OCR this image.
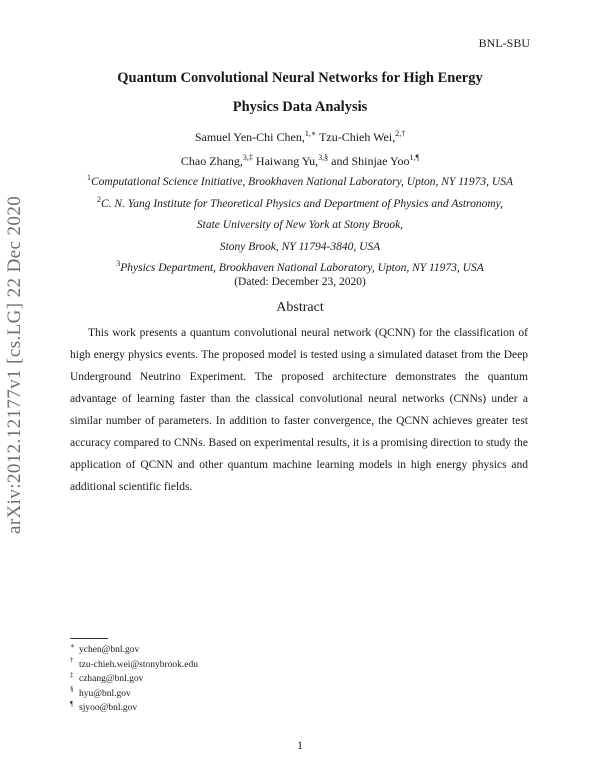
BNL-SBU
arXiv:2012.12177v1 [cs.LG] 22 Dec 2020
Quantum Convolutional Neural Networks for High Energy
Physics Data Analysis
Samuel Yen-Chi Chen,$^{1,∗}$ Tzu-Chieh Wei,$^{2,\dagger}$
Chao Zhang,$^{3,\ddagger}$ Haiwang Yu,$^{3,\S}$ and Shinjae Yoo$^{1,\P}$
$^1$Computational Science Initiative, Brookhaven National Laboratory, Upton, NY 11973, USA
$^2$C. N. Yang Institute for Theoretical Physics and Department of Physics and Astronomy,
State University of New York at Stony Brook,
Stony Brook, NY 11794-3840, USA
$^3$Physics Department, Brookhaven National Laboratory, Upton, NY 11973, USA
(Dated: December 23, 2020)
Abstract

This work presents a quantum convolutional neural network (QCNN) for the classification of high energy physics events. The proposed model is tested using a simulated dataset from the Deep Underground Neutrino Experiment. The proposed architecture demonstrates the quantum advantage of learning faster than the classical convolutional neural networks (CNNs) under a similar number of parameters. In addition to faster convergence, the QCNN achieves greater test accuracy compared to CNNs. Based on experimental results, it is a promising direction to study the application of QCNN and other quantum machine learning models in high energy physics and additional scientific fields.

∗ ychen@bnl.gov
† tzu-chieh.wei@stonybrook.edu
‡ czhang@bnl.gov
§ hyu@bnl.gov
¶ sjyoo@bnl.gov
1
